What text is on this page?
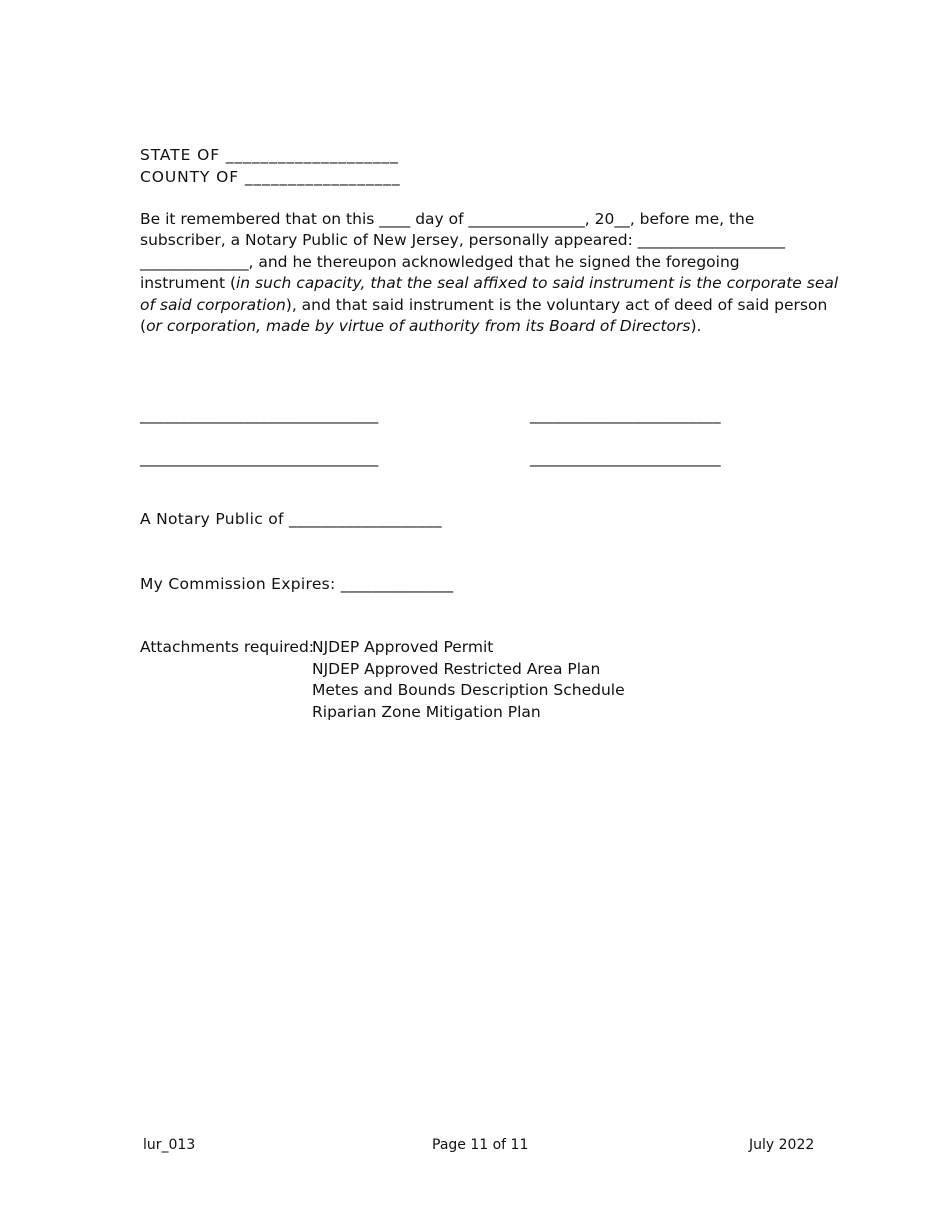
STATE OF ____________________
COUNTY OF __________________
Be it remembered that on this ____ day of _______________, 20__, before me, the
subscriber, a Notary Public of New Jersey, personally appeared: ___________________
______________, and he thereupon acknowledged that he signed the foregoing
instrument (in such capacity, that the seal affixed to said instrument is the corporate seal
of said corporation), and that said instrument is the voluntary act of deed of said person
(or corporation, made by virtue of authority from its Board of Directors).
______________________________	________________________
______________________________	________________________
A Notary Public of ___________________
My Commission Expires: ______________
Attachments required:
NJDEP Approved Permit
NJDEP Approved Restricted Area Plan
Metes and Bounds Description Schedule
Riparian Zone Mitigation Plan
lur_013	Page 11 of 11	July 2022
